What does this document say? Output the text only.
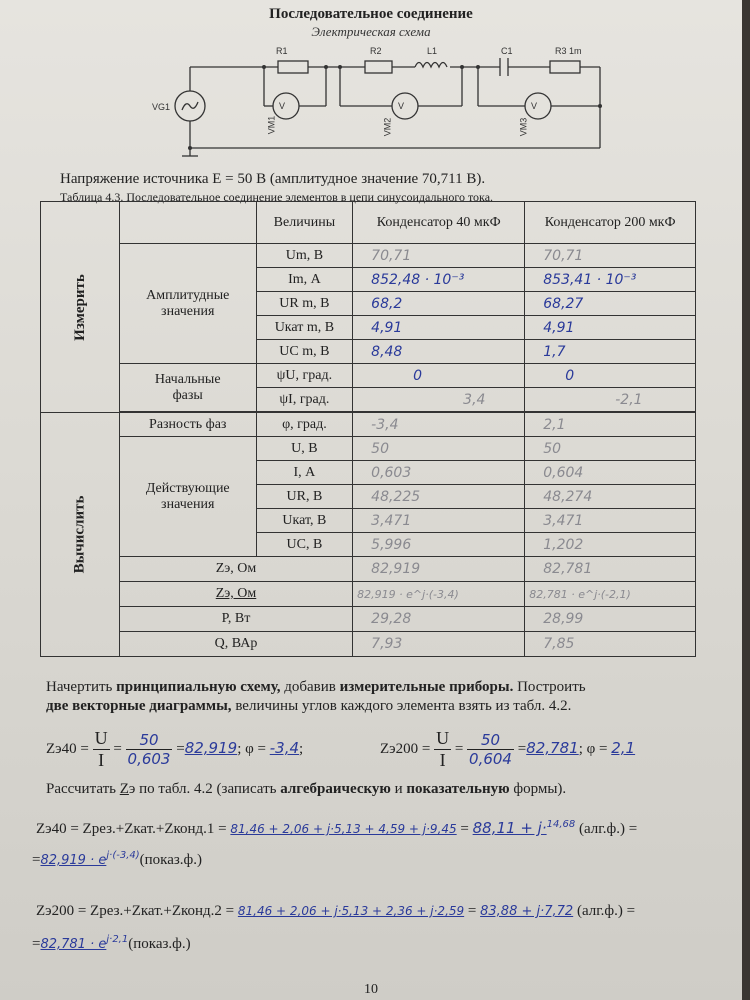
Последовательное соединение
Электрическая схема
R1	R2	L1	C1	R3 1m
VG1	V	V	V
VM1	VM2	VM3
Напряжение источника E = 50 В (амплитудное значение 70,711 В).
Таблица 4.3. Последовательное соединение элементов в цепи синусоидального тока.
Измерить		Величины	Конденсатор 40 мкФ	Конденсатор 200 мкФ
	Амплитудные значения	Um, В	70,71	70,71
		Im, А	852,48 · 10⁻³	853,41 · 10⁻³
		UR m, В	68,2	68,27
		Uкат m, В	4,91	4,91
		UC m, В	8,48	1,7
	Начальные фазы	ψU, град.	0	0
		ψI, град.	3,4	-2,1

Вычислить	Разность фаз	φ, град.	-3,4	2,1
	Действующие значения	U, В	50	50
		I, А	0,603	0,604
		UR, В	48,225	48,274
		Uкат, В	3,471	3,471
		UC, В	5,996	1,202
	Zэ, Ом		82,919	82,781
	Zэ, Ом		82,919 · e^j·(-3,4)	82,781 · e^j·(-2,1)
	P, Вт		29,28	28,99
	Q, ВАр		7,93	7,85
Начертить принципиальную схему, добавив измерительные приборы. Построить
две векторные диаграммы, величины углов каждого элемента взять из табл. 4.2.
$Zэ40 = \frac{U}{I} = \frac{50}{0,603} =82,919$; φ = -3,4;	$Zэ200 = \frac{U}{I} = \frac{50}{0,604} =82,781$; φ = 2,1
Рассчитать Zэ по табл. 4.2 (записать алгебраическую и показательную формы).
Zэ40 = Zрез.+Zкат.+Zконд.1 = 81,46 + 2,06 + j·5,13 + 4,59 + j·9,45 = 88,11 + j·$^{14,68}$ (алг.ф.) =
$=82,919 \cdot e^{j\cdot(-3,4)}(показ.ф.)$
Zэ200 = Zрез.+Zкат.+Zконд.2 = 81,46 + 2,06 + j·5,13 + 2,36 + j·2,59 = 83,88 + j·7,72 (алг.ф.) =
$=82,781 \cdot e^{j\cdot 2,1}(показ.ф.)$
10
